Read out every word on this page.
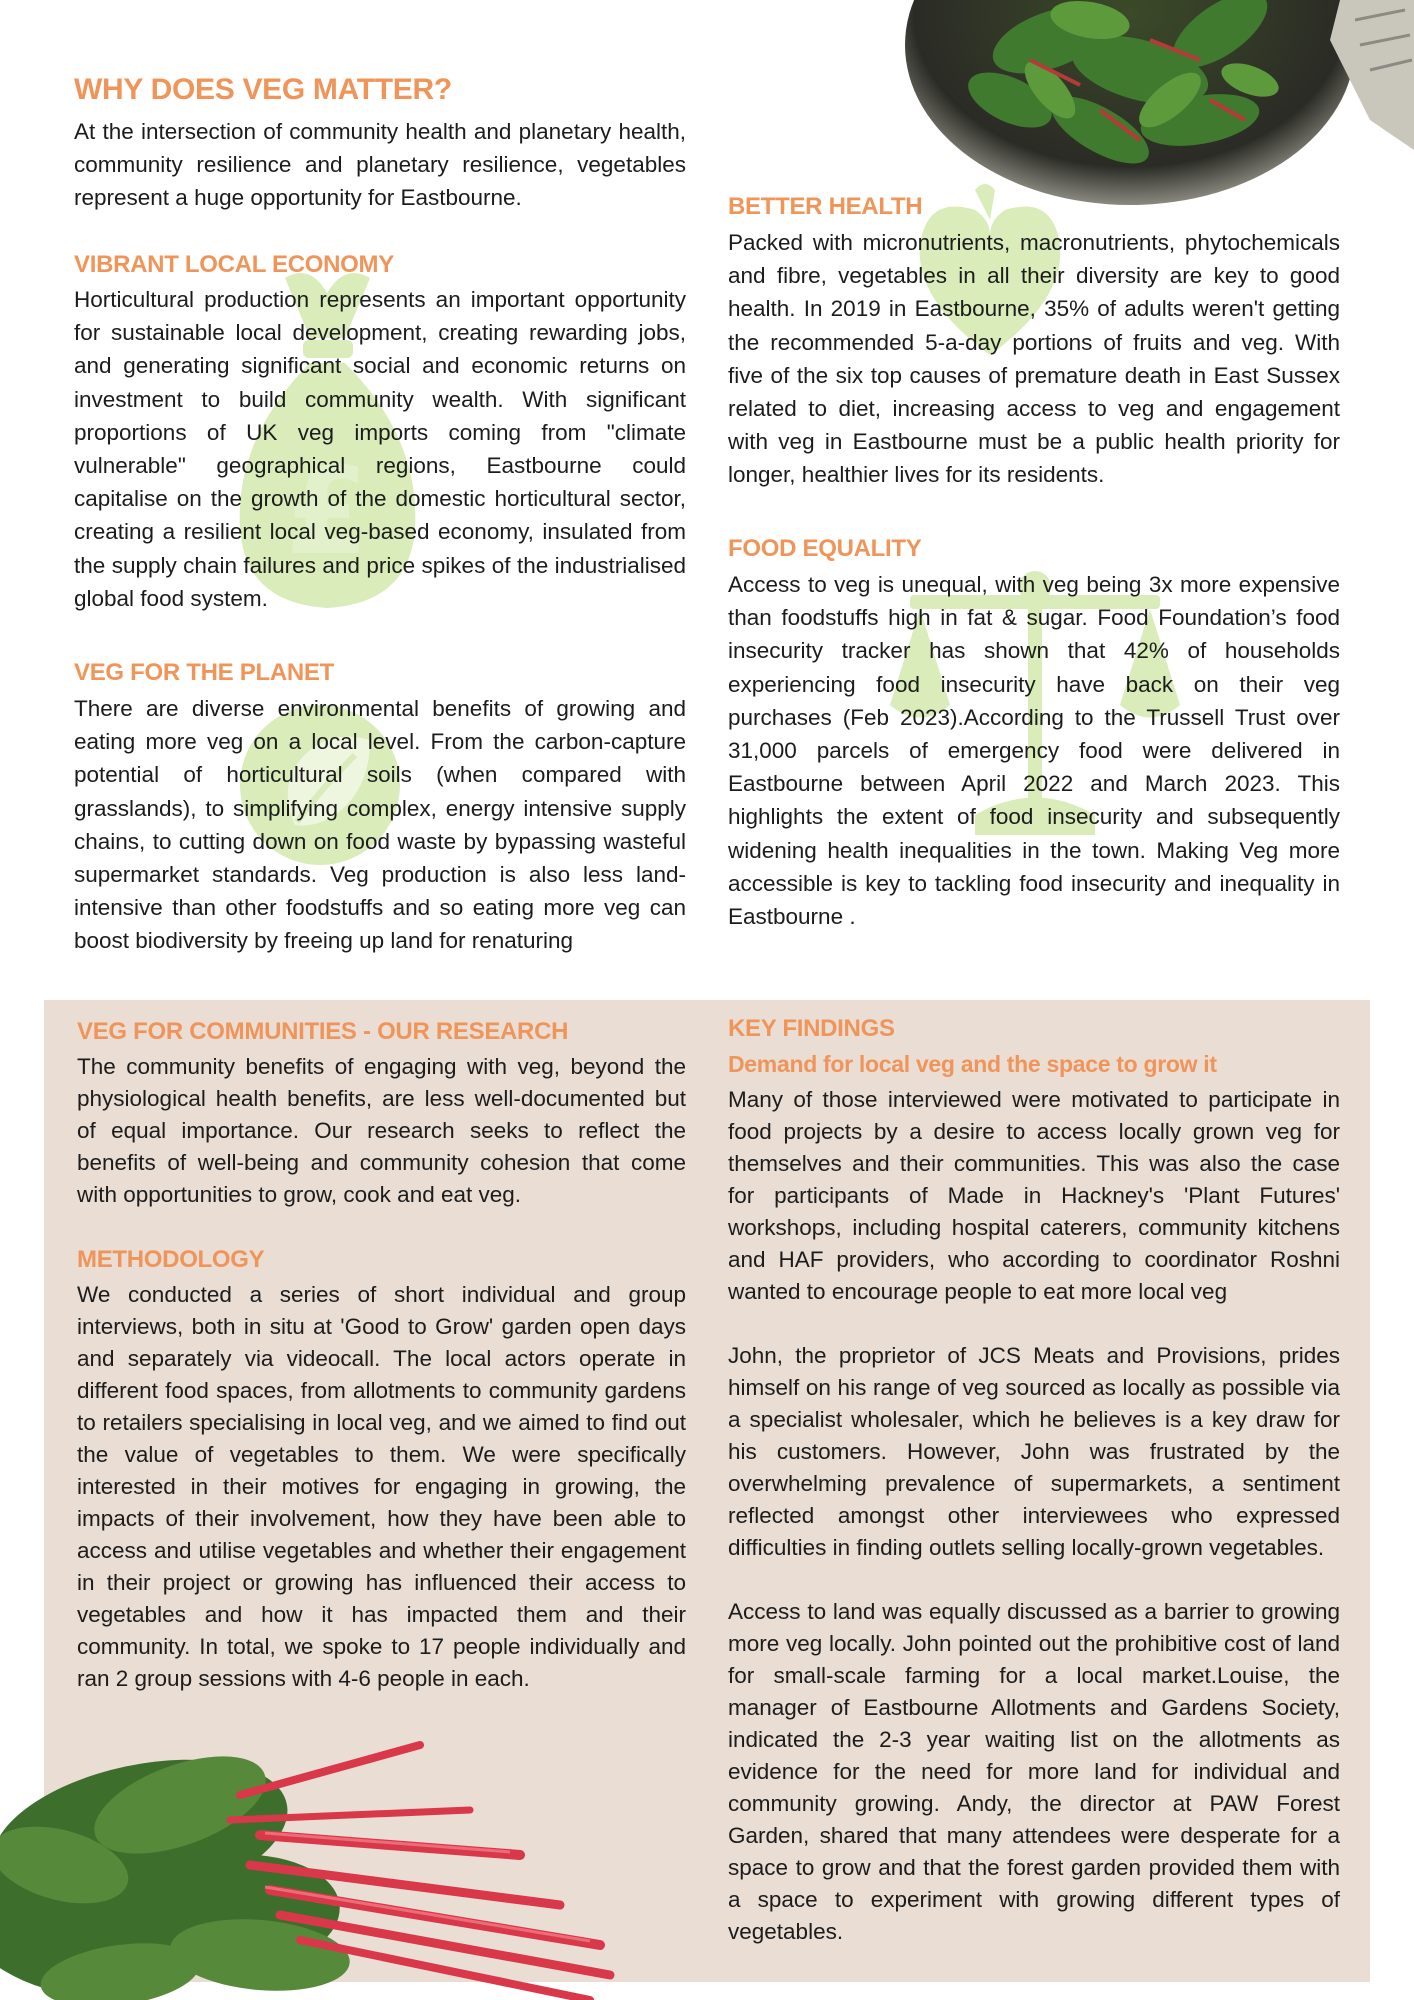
£
WHY DOES VEG MATTER?

At the intersection of community health and planetary health, community resilience and planetary resilience, vegetables represent a huge opportunity for Eastbourne.

VIBRANT LOCAL ECONOMY

Horticultural production represents an important opportunity for sustainable local development, creating rewarding jobs, and generating significant social and economic returns on investment to build community wealth. With significant proportions of UK veg imports coming from "climate vulnerable" geographical regions, Eastbourne could capitalise on the growth of the domestic horticultural sector, creating a resilient local veg-based economy, insulated from the supply chain failures and price spikes of the industrialised global food system.

VEG FOR THE PLANET

There are diverse environmental benefits of growing and eating more veg on a local level. From the carbon-capture potential of horticultural soils (when compared with grasslands), to simplifying complex, energy intensive supply chains, to cutting down on food waste by bypassing wasteful supermarket standards. Veg production is also less land-intensive than other foodstuffs and so eating more veg can boost biodiversity by freeing up land for renaturing

BETTER HEALTH

Packed with micronutrients, macronutrients, phytochemicals and fibre, vegetables in all their diversity are key to good health. In 2019 in Eastbourne, 35% of adults weren't getting the recommended 5-a-day portions of fruits and veg. With five of the six top causes of premature death in East Sussex related to diet, increasing access to veg and engagement with veg in Eastbourne must be a public health priority for longer, healthier lives for its residents.

FOOD EQUALITY

Access to veg is unequal, with veg being 3x more expensive than foodstuffs high in fat & sugar. Food Foundation’s food insecurity tracker has shown that 42% of households experiencing food insecurity have back on their veg purchases (Feb 2023).According to the Trussell Trust over 31,000 parcels of emergency food were delivered in Eastbourne between April 2022 and March 2023. This highlights the extent of food insecurity and subsequently widening health inequalities in the town. Making Veg more accessible is key to tackling food insecurity and inequality in Eastbourne .

VEG FOR COMMUNITIES - OUR RESEARCH

The community benefits of engaging with veg, beyond the physiological health benefits, are less well-documented but of equal importance. Our research seeks to reflect the benefits of well-being and community cohesion that come with opportunities to grow, cook and eat veg.

METHODOLOGY

We conducted a series of short individual and group interviews, both in situ at 'Good to Grow' garden open days and separately via videocall. The local actors operate in different food spaces, from allotments to community gardens to retailers specialising in local veg, and we aimed to find out the value of vegetables to them. We were specifically interested in their motives for engaging in growing, the impacts of their involvement, how they have been able to access and utilise vegetables and whether their engagement in their project or growing has influenced their access to vegetables and how it has impacted them and their community. In total, we spoke to 17 people individually and ran 2 group sessions with 4-6 people in each.

KEY FINDINGS
Demand for local veg and the space to grow it

Many of those interviewed were motivated to participate in food projects by a desire to access locally grown veg for themselves and their communities. This was also the case for participants of Made in Hackney's 'Plant Futures' workshops, including hospital caterers, community kitchens and HAF providers, who according to coordinator Roshni wanted to encourage people to eat more local veg

John, the proprietor of JCS Meats and Provisions, prides himself on his range of veg sourced as locally as possible via a specialist wholesaler, which he believes is a key draw for his customers. However, John was frustrated by the overwhelming prevalence of supermarkets, a sentiment reflected amongst other interviewees who expressed difficulties in finding outlets selling locally-grown vegetables.

Access to land was equally discussed as a barrier to growing more veg locally. John pointed out the prohibitive cost of land for small-scale farming for a local market.Louise, the manager of Eastbourne Allotments and Gardens Society, indicated the 2-3 year waiting list on the allotments as evidence for the need for more land for individual and community growing. Andy, the director at PAW Forest Garden, shared that many attendees were desperate for a space to grow and that the forest garden provided them with a space to experiment with growing different types of vegetables.
